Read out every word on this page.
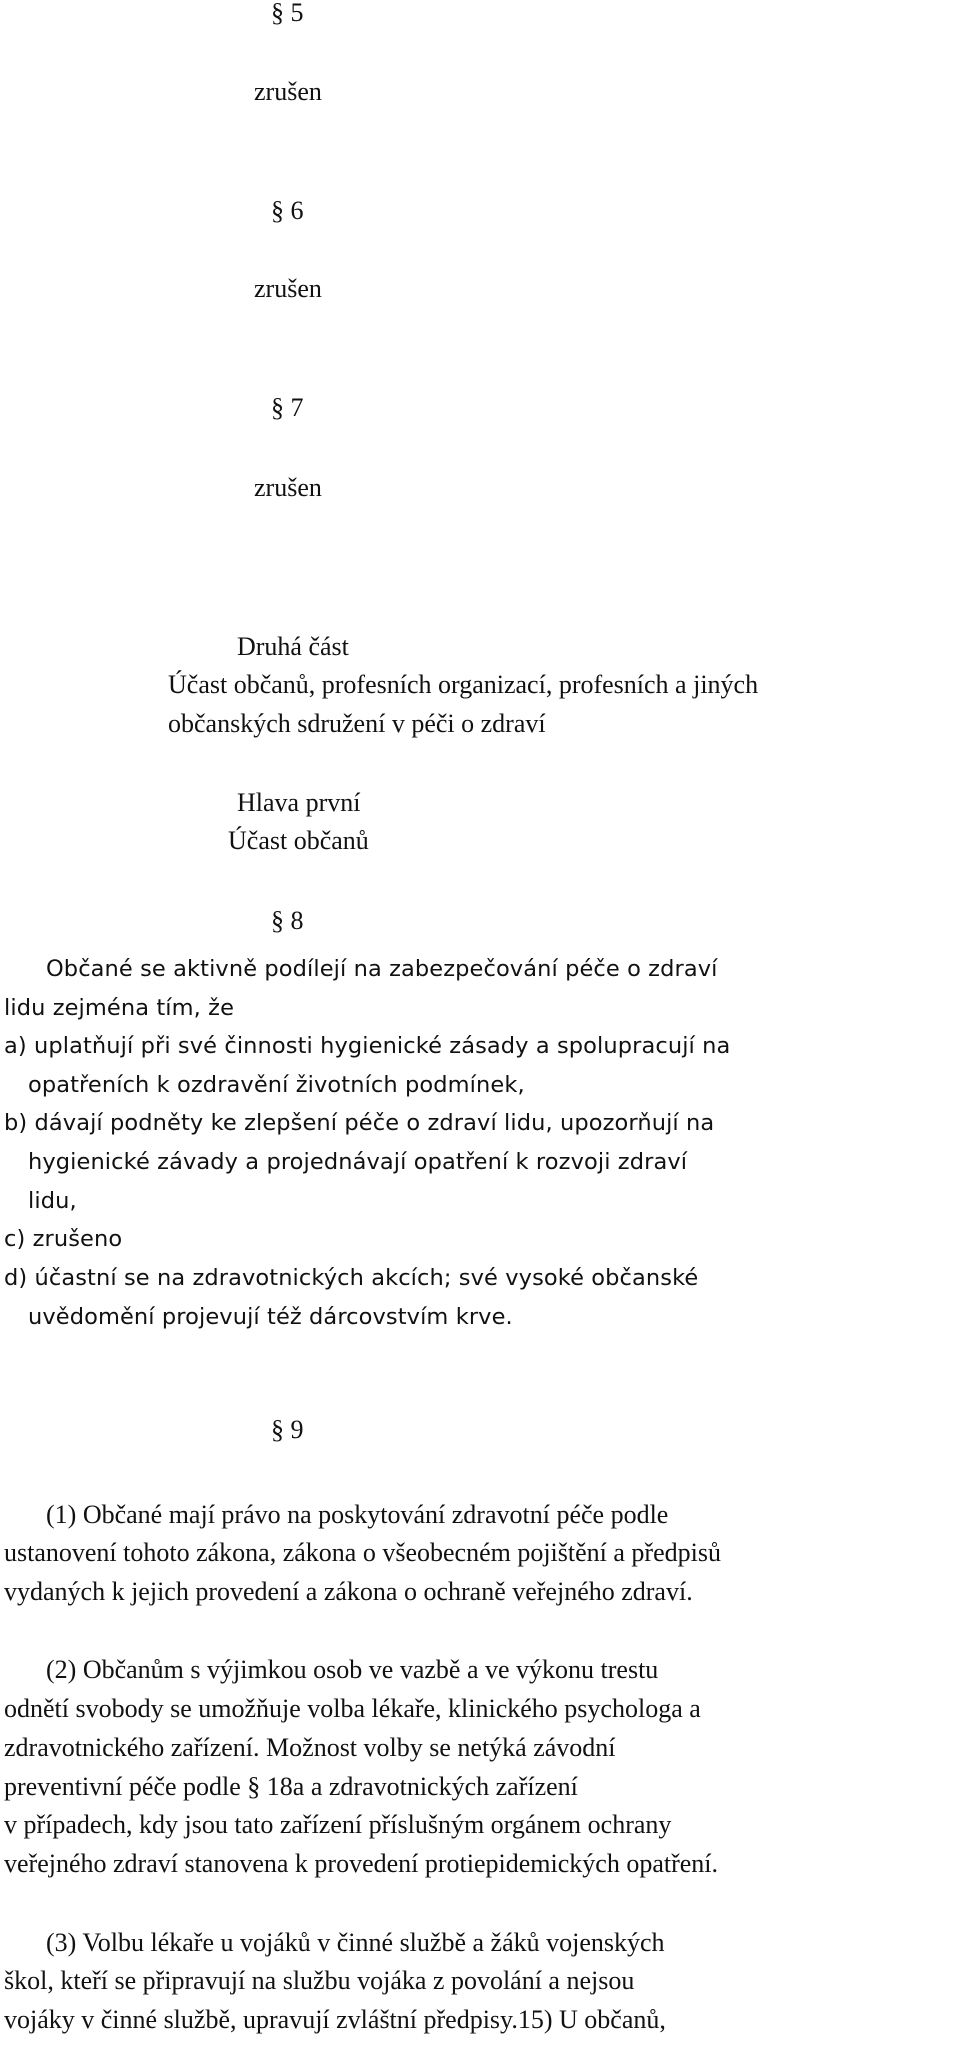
§ 5
zrušen
§ 6
zrušen
§ 7
zrušen
Druhá část
Účast občanů, profesních organizací, profesních a jiných
občanských sdružení v péči o zdraví
Hlava první
Účast občanů
§ 8
Občané se aktivně podílejí na zabezpečování péče o zdraví
lidu zejména tím, že
a) uplatňují při své činnosti hygienické zásady a spolupracují na
opatřeních k ozdravění životních podmínek,
b) dávají podněty ke zlepšení péče o zdraví lidu, upozorňují na
hygienické závady a projednávají opatření k rozvoji zdraví
lidu,
c) zrušeno
d) účastní se na zdravotnických akcích; své vysoké občanské
uvědomění projevují též dárcovstvím krve.
§ 9
(1) Občané mají právo na poskytování zdravotní péče podle
ustanovení tohoto zákona, zákona o všeobecném pojištění a předpisů
vydaných k jejich provedení a zákona o ochraně veřejného zdraví.
(2) Občanům s výjimkou osob ve vazbě a ve výkonu trestu
odnětí svobody se umožňuje volba lékaře, klinického psychologa a
zdravotnického zařízení. Možnost volby se netýká závodní
preventivní péče podle § 18a a zdravotnických zařízení
v případech, kdy jsou tato zařízení příslušným orgánem ochrany
veřejného zdraví stanovena k provedení protiepidemických opatření.
(3) Volbu lékaře u vojáků v činné službě a žáků vojenských
škol, kteří se připravují na službu vojáka z povolání a nejsou
vojáky v činné službě, upravují zvláštní předpisy.15) U občanů,
